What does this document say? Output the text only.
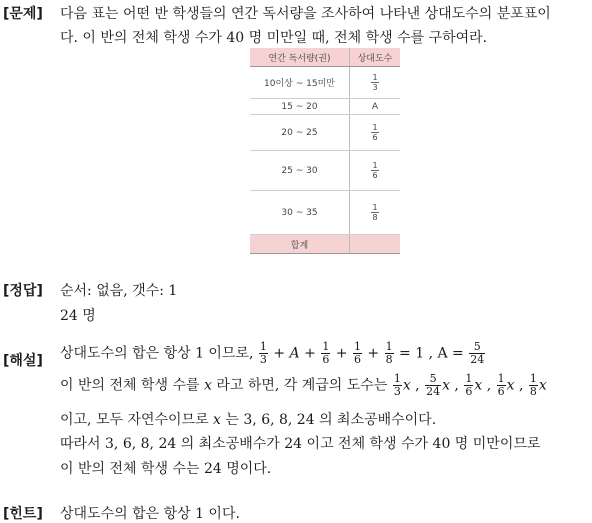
[문제] 다음 표는 어떤 반 학생들의 연간 독서량을 조사하여 나타낸 상대도수의 분포표이
다. 이 반의 전체 학생 수가 40 명 미만일 때, 전체 학생 수를 구하여라.
연간 독서량(권)	상대도수
10이상 ~ 15미만	$\frac{1}{3}$

15 ~ 20	A
20 ~ 25	$\frac{1}{6}$

25 ~ 30	$\frac{1}{6}$

30 ~ 35	$\frac{1}{8}$

합계	
[정답] 순서: 없음, 갯수: 1
24 명
[해설] 상대도수의 합은 항상 1 이므로, $\frac{1}{3} + A + \frac{1}{6} + \frac{1}{6} + \frac{1}{8} = 1$ , $A = \frac{5}{24}$
이 반의 전체 학생 수를 x 라고 하면, 각 계급의 도수는 $\frac{1}{3}$ x , $\frac{5}{24}$ x , $\frac{1}{6}$ x , $\frac{1}{6}$ x , $\frac{1}{8}$ x
이고, 모두 자연수이므로 x 는 3, 6, 8, 24 의 최소공배수이다.
따라서 3, 6, 8, 24 의 최소공배수가 24 이고 전체 학생 수가 40 명 미만이므로
이 반의 전체 학생 수는 24 명이다.
[힌트] 상대도수의 합은 항상 1 이다.
